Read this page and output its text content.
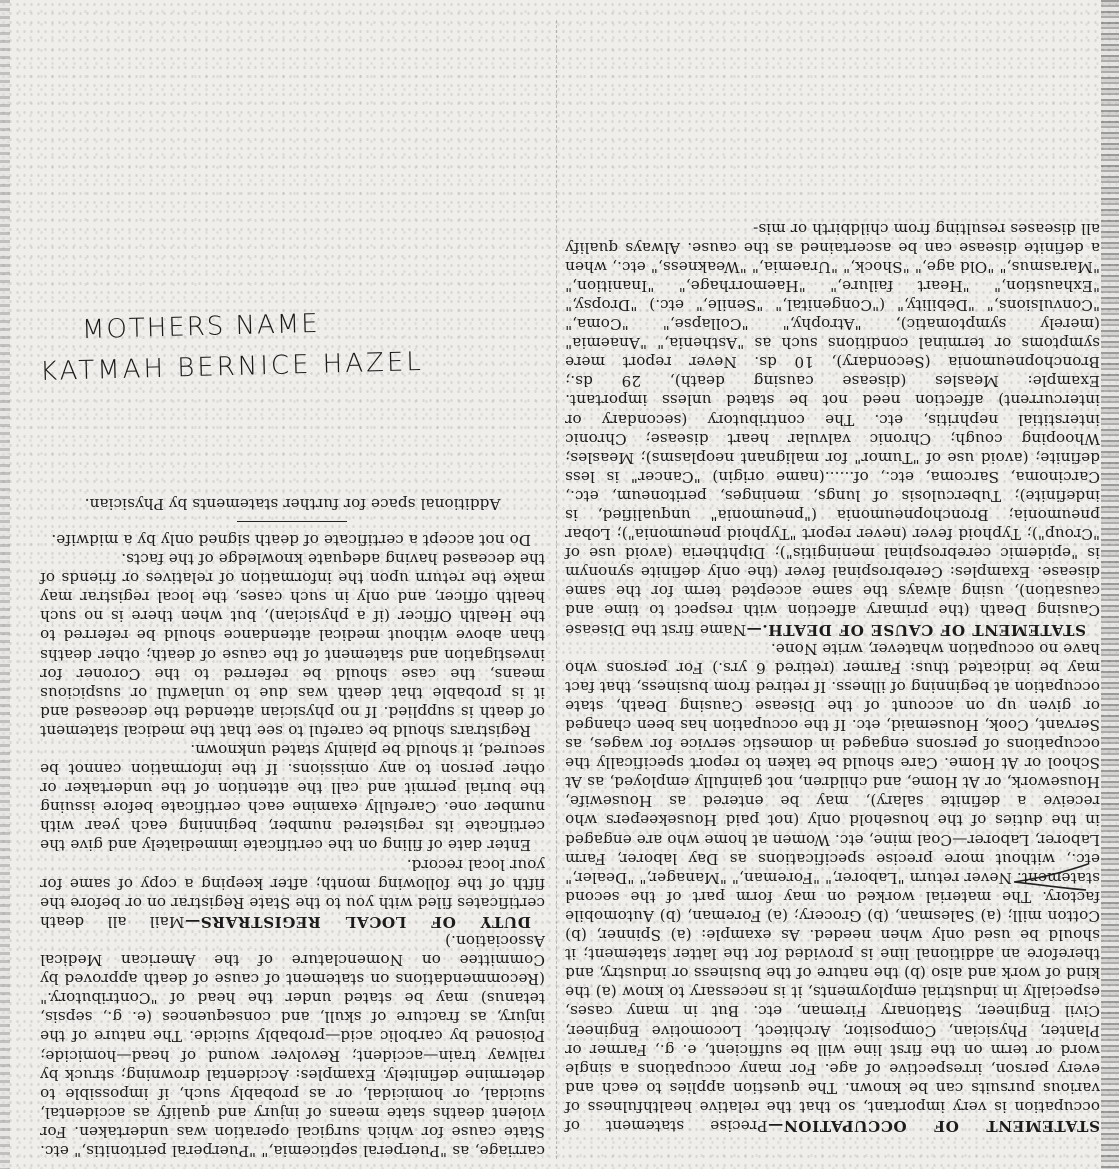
STATEMENT OF OCCUPATION—Precise statement of occupation is very important, so that the relative healthfulness of various pursuits can be known. The question applies to each and every person, irrespective of age. For many occupations a single word or term on the first line will be sufficient, e. g., Farmer or Planter, Physician, Compositor, Architect, Locomotive Engineer, Civil Engineer, Stationary Fireman, etc. But in many cases, especially in industrial employments, it is necessary to know (a) the kind of work and also (b) the nature of the business or industry, and therefore an additional line is provided for the latter statement; it should be used only when needed. As example: (a) Spinner, (b) Cotton mill; (a) Salesman, (b) Grocery; (a) Foreman, (b) Automobile factory. The material worked on may form part of the second statement. Never return "Laborer," "Foreman," "Manager," "Dealer," etc., without more precise specifications as Day laborer, Farm Laborer, Laborer—Coal mine, etc. Women at home who are engaged in the duties of the household only (not paid Housekeepers who receive a definite salary), may be entered as Housewife, Housework, or At Home, and children, not gainfully employed, as At School or At Home. Care should be taken to report specifically the occupations of persons engaged in domestic service for wages, as Servant, Cook, Housemaid, etc. If the occupation has been changed or given up on account of the Disease Causing Death, state occupation at beginning of illness. If retired from business, that fact may be indicated thus: Farmer (retired 6 yrs.) For persons who have no occupation whatever, write None.

STATEMENT OF CAUSE OF DEATH.—Name first the Disease Causing Death (the primary affection with respect to time and causation), using always the same accepted term for the same disease. Examples: Cerebrospinal fever (the only definite synonym is "epidemic cerebrospinal meningitis"); Diphtheria (avoid use of "Croup"); Typhoid fever (never report "Typhoid pneumonia"); Lobar pneumonia; Bronchopneumonia ("pneumonia" unqualified, is indefinite); Tuberculosis of lungs, meninges, peritoneum, etc., Carcinoma, Sarcoma, etc., of......(name origin) "Cancer" is less definite; (avoid use of "Tumor" for malignant neoplasms); Measles; Whooping cough; Chronic valvular heart disease; Chronic interstitial nephritis, etc. The contributory (secondary or intercurrent) affection need not be stated unless important. Example: Measles (disease causing death), 29 ds.; Bronchopneumonia (Secondary), 10 ds. Never report mere symptoms or terminal conditions such as "Asthenia," "Anaemia" (merely symptomatic), "Atrophy," "Collapse," "Coma," "Convulsions," "Debility," ("Congenital," "Senile," etc.) "Dropsy," "Exhaustion," "Heart failure," "Haemorrhage," "Inanition," "Marasmus," "Old age," "Shock," "Uraemia," "Weakness," etc., when a definite disease can be ascertained as the cause. Always qualify all diseases resulting from childbirth or mis-

carriage, as "Puerperal septicemia," "Puerperal peritonitis," etc. State cause for which surgical operation was undertaken. For violent deaths state means of injury and qualify as accidental, suicidal, or homicidal, or as probably such, if impossible to determine definitely. Examples: Accidental drowning; struck by railway train—accident; Revolver wound of head—homicide; Poisoned by carbolic acid—probably suicide. The nature of the injury, as fracture of skull, and consequences (e. g., sepsis, tetanus) may be stated under the head of "Contributory." (Recommendations on statement of cause of death approved by Committee on Nomenclature of the American Medical Association.)

DUTY OF LOCAL REGISTRARS—Mail all death certificates filed with you to the State Registrar on or before the fifth of the following month; after keeping a copy of same for your local record.

Enter date of filing on the certificate immediately and give the certificate its registered number, beginning each year with number one. Carefully examine each certificate before issuing the burial permit and call the attention of the undertaker or other person to any omissions. If the information cannot be secured, it should be plainly stated unknown.

Registrars should be careful to see that the medical statement of death is supplied. If no physician attended the deceased and it is probable that death was due to unlawful or suspicious means, the case should be referred to the Coroner for investigation and statement of the cause of death; other deaths than above without medical attendance should be referred to the Health Officer (if a physician), but when there is no such health officer, and only in such cases, the local registrar may make the return upon the information of relatives or friends of the deceased having adequate knowledge of the facts.

Do not accept a certificate of death signed only by a midwife.

Additional space for further statements by Physician.

MOTHERS NAME
KATMAH BERNICE HAZEL
